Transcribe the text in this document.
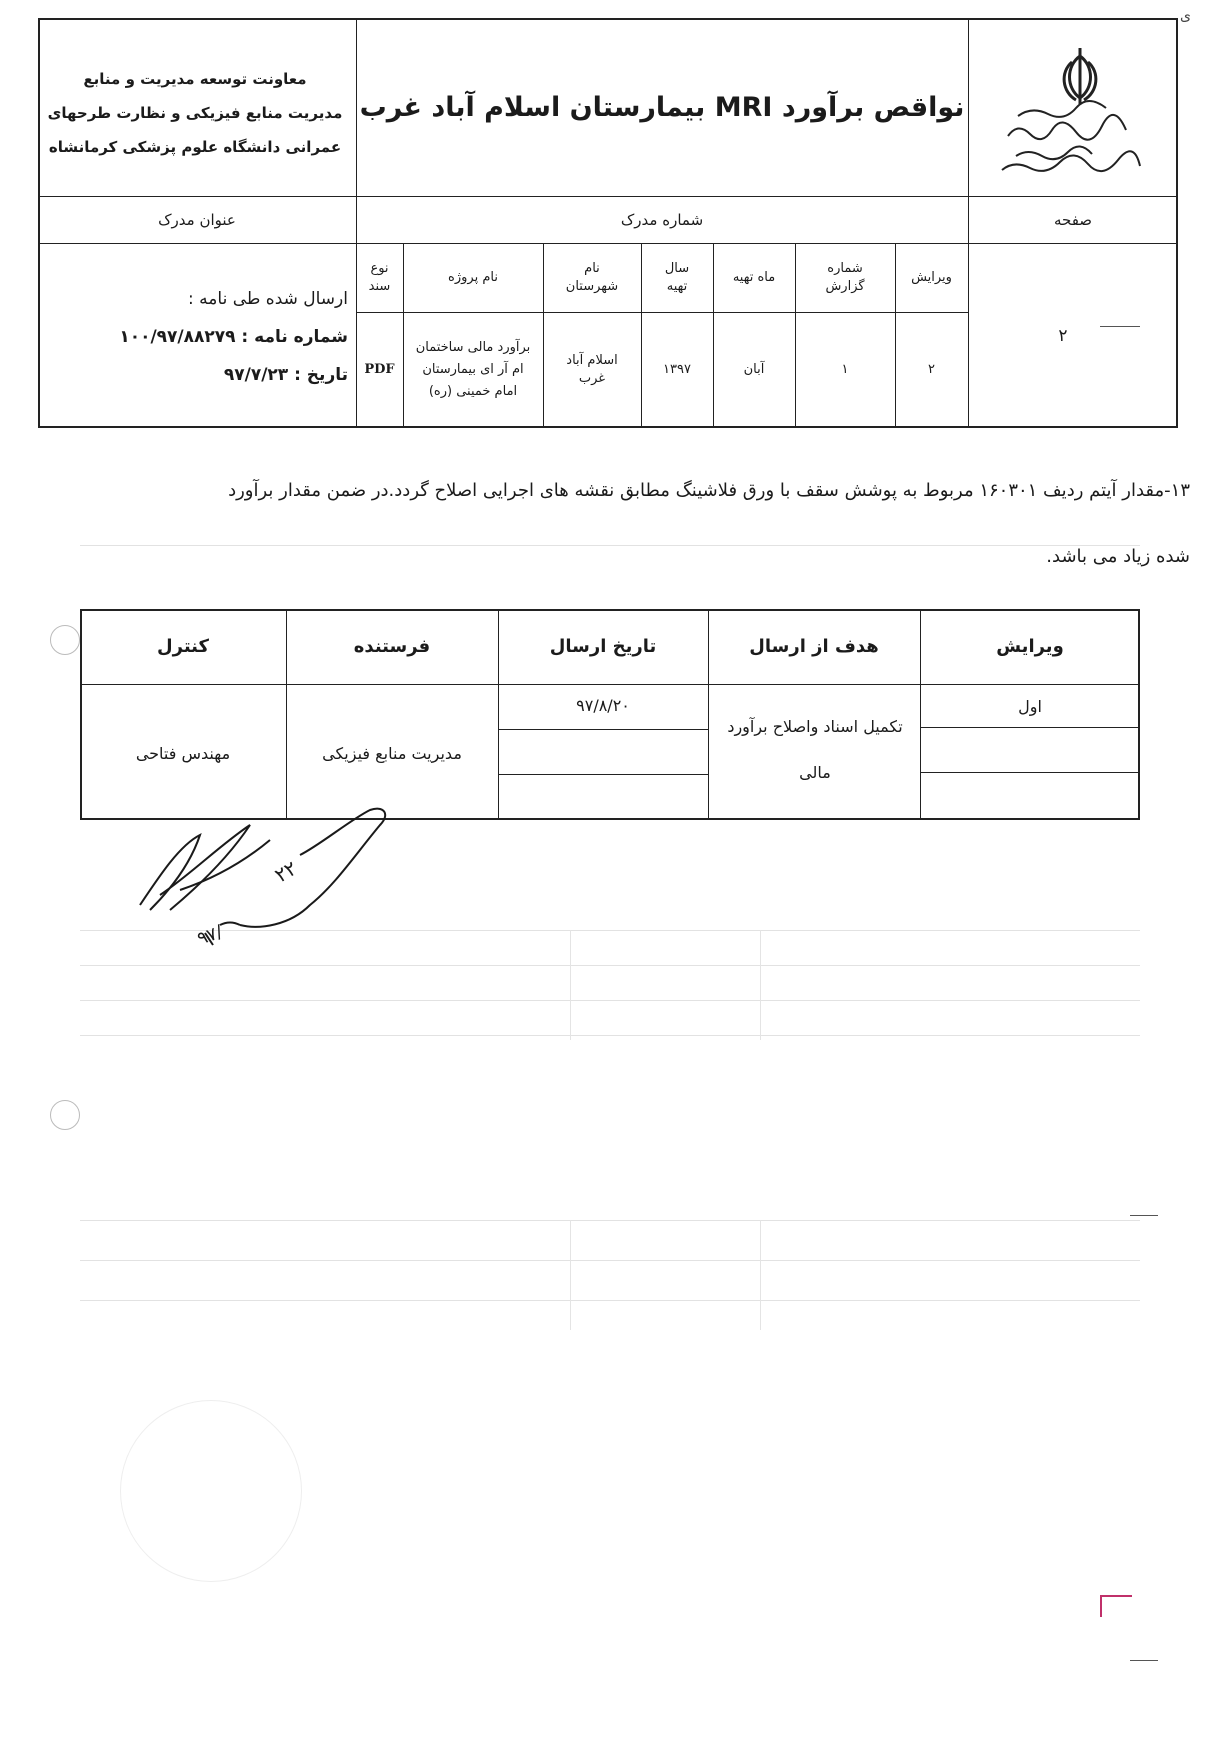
نواقص برآورد MRI بیمارستان اسلام آباد غرب
معاونت توسعه مدیریت و منابع
مدیریت منابع فیزیکی و نظارت طرحهای
عمرانی دانشگاه علوم پزشکی کرمانشاه
صفحه
شماره مدرک
عنوان مدرک
۲
ویرایش
شماره گزارش
ماه تهیه
سال تهیه
نام شهرستان
نام پروژه
نوع سند
۲
۱
آبان
۱۳۹۷
اسلام آباد غرب
برآورد مالی ساختمان ام آر ای بیمارستان امام خمینی (ره)
PDF
ارسال شده طی نامه :
شماره نامه : ۱۰۰/۹۷/۸۸۲۷۹
تاریخ : ۹۷/۷/۲۳
۱۳-مقدار آیتم ردیف ۱۶۰۳۰۱ مربوط به پوشش سقف با ورق فلاشینگ مطابق نقشه های اجرایی اصلاح گردد.در ضمن مقدار برآورد
شده زیاد می باشد.
ویرایش
هدف از ارسال
تاریخ ارسال
فرستنده
کنترل
اول
تکمیل اسناد واصلاح برآورد مالی
۹۷/۸/۲۰
مدیریت منابع فیزیکی
مهندس فتاحی
۲۲
۹۷/
ی
